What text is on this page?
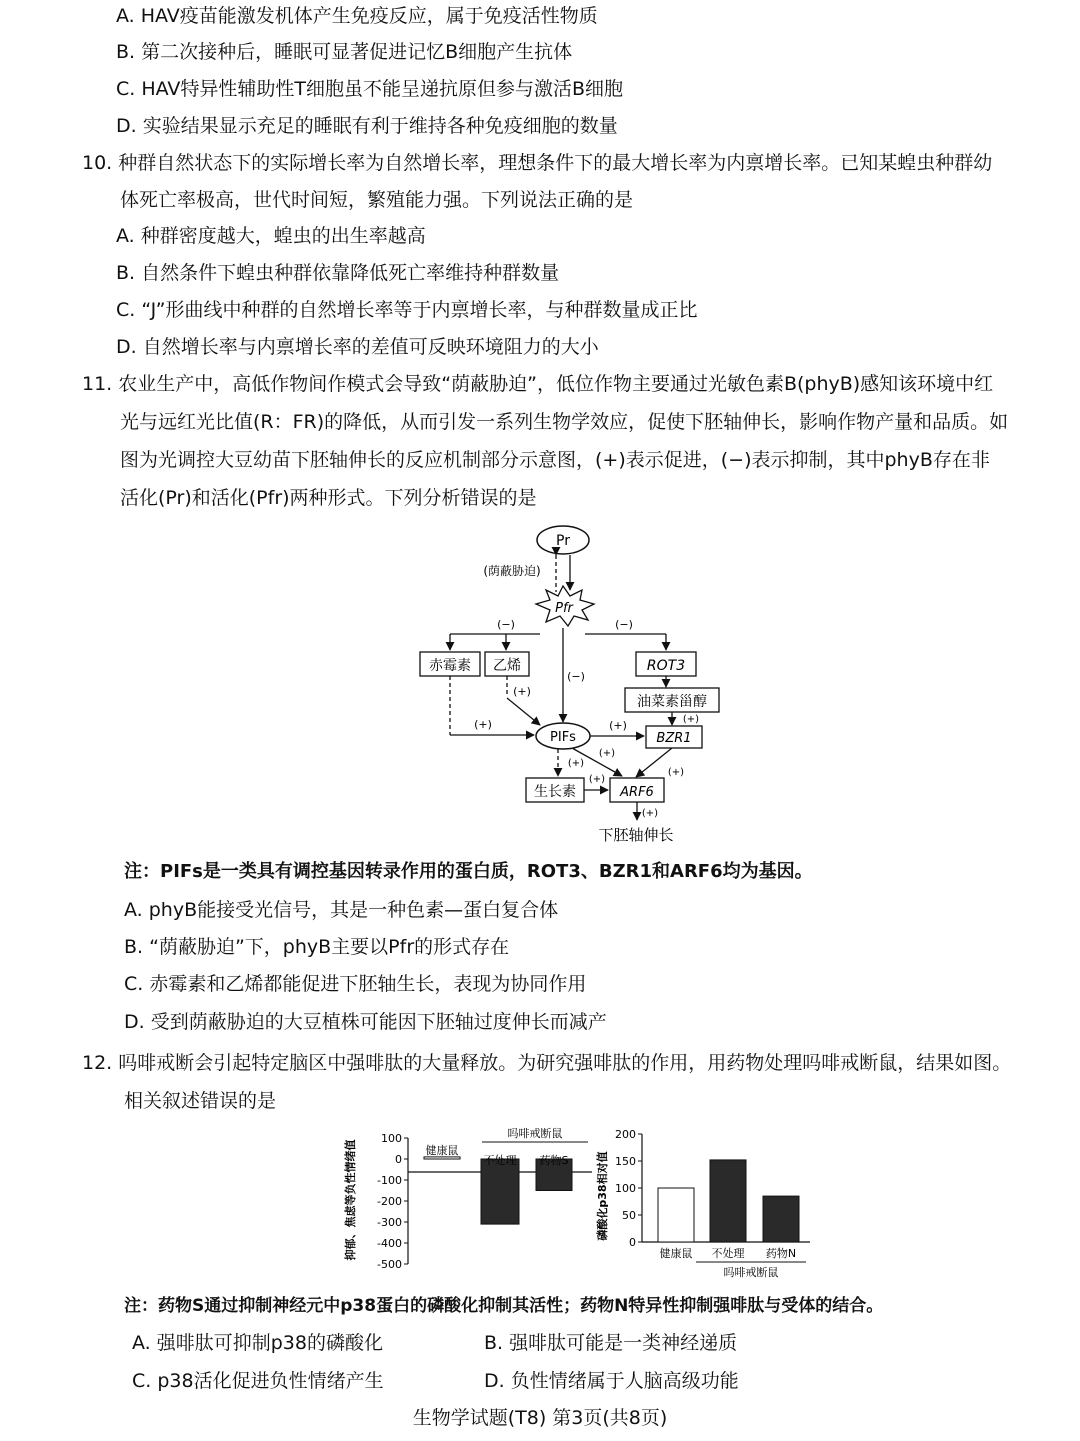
A. HAV疫苗能激发机体产生免疫反应，属于免疫活性物质
B. 第二次接种后，睡眠可显著促进记忆B细胞产生抗体
C. HAV特异性辅助性T细胞虽不能呈递抗原但参与激活B细胞
D. 实验结果显示充足的睡眠有利于维持各种免疫细胞的数量
10. 种群自然状态下的实际增长率为自然增长率，理想条件下的最大增长率为内禀增长率。已知某蝗虫种群幼
体死亡率极高，世代时间短，繁殖能力强。下列说法正确的是
A. 种群密度越大，蝗虫的出生率越高
B. 自然条件下蝗虫种群依靠降低死亡率维持种群数量
C. “J”形曲线中种群的自然增长率等于内禀增长率，与种群数量成正比
D. 自然增长率与内禀增长率的差值可反映环境阻力的大小
11. 农业生产中，高低作物间作模式会导致“荫蔽胁迫”，低位作物主要通过光敏色素B(phyB)感知该环境中红
光与远红光比值(R：FR)的降低，从而引发一系列生物学效应，促使下胚轴伸长，影响作物产量和品质。如
图为光调控大豆幼苗下胚轴伸长的反应机制部分示意图，(+)表示促进，(−)表示抑制，其中phyB存在非
活化(Pr)和活化(Pfr)两种形式。下列分析错误的是
Pr
(荫蔽胁迫)
Pfr
(−)	(−)
(−)
赤霉素 乙烯	ROT3
油菜素甾醇
BZR1
(+)
(+)
(+)
PIFs
(+)
(+)
(+)
(+)
生长素
(+)
ARF6
(+)
下胚轴伸长
注：PIFs是一类具有调控基因转录作用的蛋白质，ROT3、BZR1和ARF6均为基因。
A. phyB能接受光信号，其是一种色素—蛋白复合体
B. “荫蔽胁迫”下，phyB主要以Pfr的形式存在
C. 赤霉素和乙烯都能促进下胚轴生长，表现为协同作用
D. 受到荫蔽胁迫的大豆植株可能因下胚轴过度伸长而减产
12. 吗啡戒断会引起特定脑区中强啡肽的大量释放。为研究强啡肽的作用，用药物处理吗啡戒断鼠，结果如图。
相关叙述错误的是
抑郁、焦虑等负性情绪值
100
0
-100
-200
-300
-400
-500
健康鼠
不处理 药物S
吗啡戒断鼠
磷酸化p38相对值
200
150
100
50
0
健康鼠 不处理 药物N
吗啡戒断鼠
注：药物S通过抑制神经元中p38蛋白的磷酸化抑制其活性；药物N特异性抑制强啡肽与受体的结合。
A. 强啡肽可抑制p38的磷酸化	B. 强啡肽可能是一类神经递质
C. p38活化促进负性情绪产生	D. 负性情绪属于人脑高级功能
生物学试题(T8) 第3页(共8页)
